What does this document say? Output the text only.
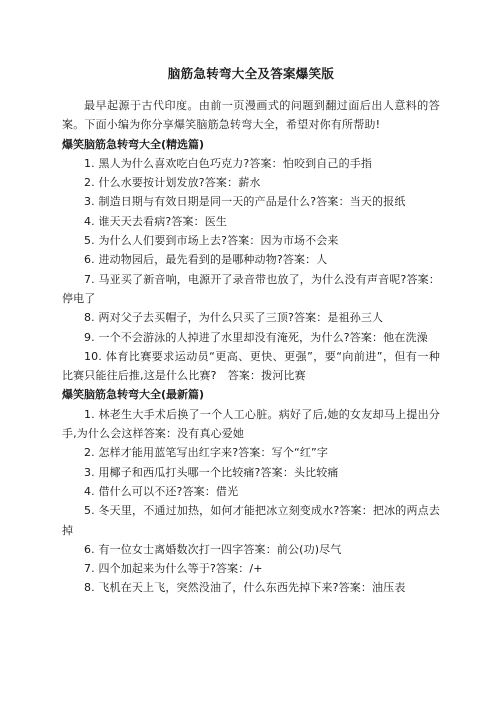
脑筋急转弯大全及答案爆笑版

最早起源于古代印度。由前一页漫画式的问题到翻过面后出人意料的答案。下面小编为你分享爆笑脑筋急转弯大全，希望对你有所帮助!

爆笑脑筋急转弯大全(精选篇)

1. 黑人为什么喜欢吃白色巧克力?答案：怕咬到自己的手指

2. 什么水要按计划发放?答案：薪水

3. 制造日期与有效日期是同一天的产品是什么?答案：当天的报纸

4. 谁天天去看病?答案：医生

5. 为什么人们要到市场上去?答案：因为市场不会来

6. 进动物园后，最先看到的是哪种动物?答案：人

7. 马亚买了新音响，电源开了录音带也放了，为什么没有声音呢?答案：停电了

8. 两对父子去买帽子，为什么只买了三顶?答案：是祖孙三人

9. 一个不会游泳的人掉进了水里却没有淹死，为什么?答案：他在洗澡

10. 体育比赛要求运动员“更高、更快、更强”，要“向前进”，但有一种比赛只能往后推,这是什么比赛?　答案：拨河比赛

爆笑脑筋急转弯大全(最新篇)

1. 林老生大手术后换了一个人工心脏。病好了后,她的女友却马上提出分手,为什么会这样答案：没有真心爱她

2. 怎样才能用蓝笔写出红字来?答案：写个“红”字

3. 用椰子和西瓜打头哪一个比较痛?答案：头比较痛

4. 借什么可以不还?答案：借光

5. 冬天里，不通过加热，如何才能把冰立刻变成水?答案：把冰的两点去掉

6. 有一位女士离婚数次打一四字答案：前公(功)尽气

7. 四个加起来为什么等于?答案：/+

8. 飞机在天上飞，突然没油了，什么东西先掉下来?答案：油压表
